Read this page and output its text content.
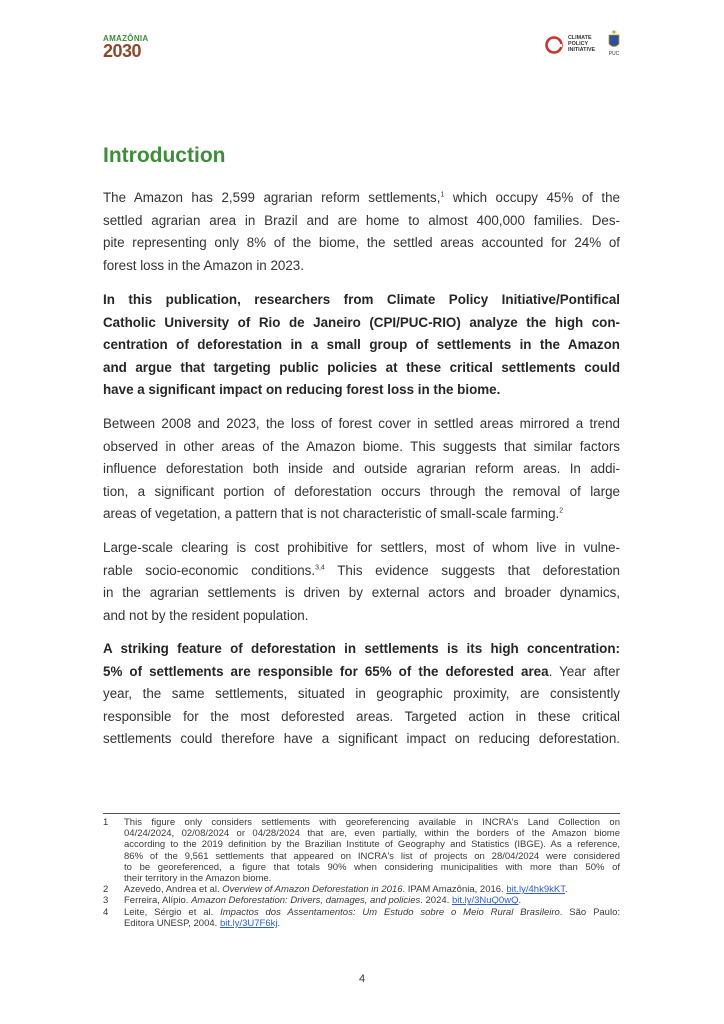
AMAZÔNIA
2030
CLIMATE
POLICY
INITIATIVE
PUC
Introduction
The Amazon has 2,599 agrarian reform settlements,$^1$ which occupy 45% of the
settled agrarian area in Brazil and are home to almost 400,000 families. Des-
pite representing only 8% of the biome, the settled areas accounted for 24% of
forest loss in the Amazon in 2023.
In this publication, researchers from Climate Policy Initiative/Pontifical
Catholic University of Rio de Janeiro (CPI/PUC-RIO) analyze the high con-
centration of deforestation in a small group of settlements in the Amazon
and argue that targeting public policies at these critical settlements could
have a significant impact on reducing forest loss in the biome.
Between 2008 and 2023, the loss of forest cover in settled areas mirrored a trend
observed in other areas of the Amazon biome. This suggests that similar factors
influence deforestation both inside and outside agrarian reform areas. In addi-
tion, a significant portion of deforestation occurs through the removal of large
areas of vegetation, a pattern that is not characteristic of small-scale farming.$^2$
Large-scale clearing is cost prohibitive for settlers, most of whom live in vulne-
rable socio-economic conditions.$^{3,4}$ This evidence suggests that deforestation
in the agrarian settlements is driven by external actors and broader dynamics,
and not by the resident population.
A striking feature of deforestation in settlements is its high concentration:
5% of settlements are responsible for 65% of the deforested area. Year after
year, the same settlements, situated in geographic proximity, are consistently
responsible for the most deforested areas. Targeted action in these critical
settlements could therefore have a significant impact on reducing deforestation.
1 This figure only considers settlements with georeferencing available in INCRA's Land Collection on
04/24/2024, 02/08/2024 or 04/28/2024 that are, even partially, within the borders of the Amazon biome
according to the 2019 definition by the Brazilian Institute of Geography and Statistics (IBGE). As a reference,
86% of the 9,561 settlements that appeared on INCRA's list of projects on 28/04/2024 were considered
to be georeferenced, a figure that totals 90% when considering municipalities with more than 50% of
their territory in the Amazon biome.
2 Azevedo, Andrea et al. Overview of Amazon Deforestation in 2016. IPAM Amazônia, 2016. bit.ly/4hk9kKT.
3 Ferreira, Alípio. Amazon Deforestation: Drivers, damages, and policies. 2024. bit.ly/3NuQ0wQ.
4 Leite, Sérgio et al. Impactos dos Assentamentos: Um Estudo sobre o Meio Rural Brasileiro. São Paulo:
Editora UNESP, 2004. bit.ly/3U7F6kj.
4
